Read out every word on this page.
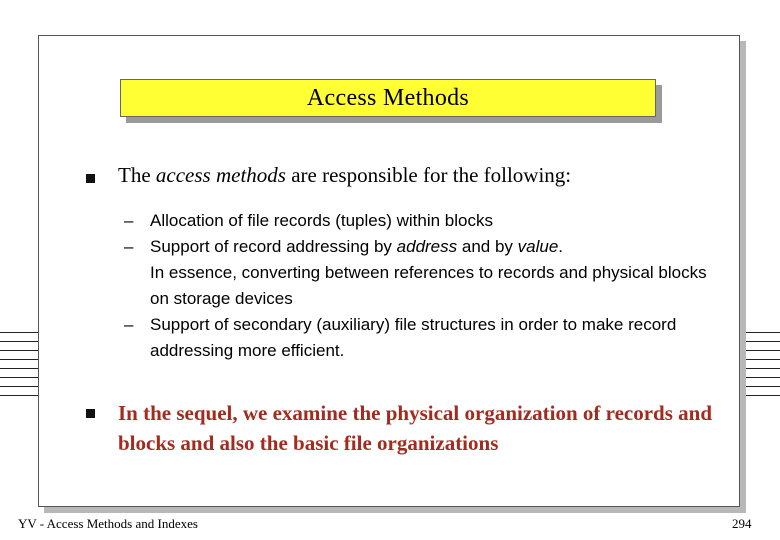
Access Methods
The access methods are responsible for the following:
– Allocation of file records (tuples) within blocks
– Support of record addressing by address and by value.
In essence, converting between references to records and physical blocks on storage devices
– Support of secondary (auxiliary) file structures in order to make record addressing more efficient.
In the sequel, we examine the physical organization of records and blocks and also the basic file organizations
YV - Access Methods and Indexes	294
